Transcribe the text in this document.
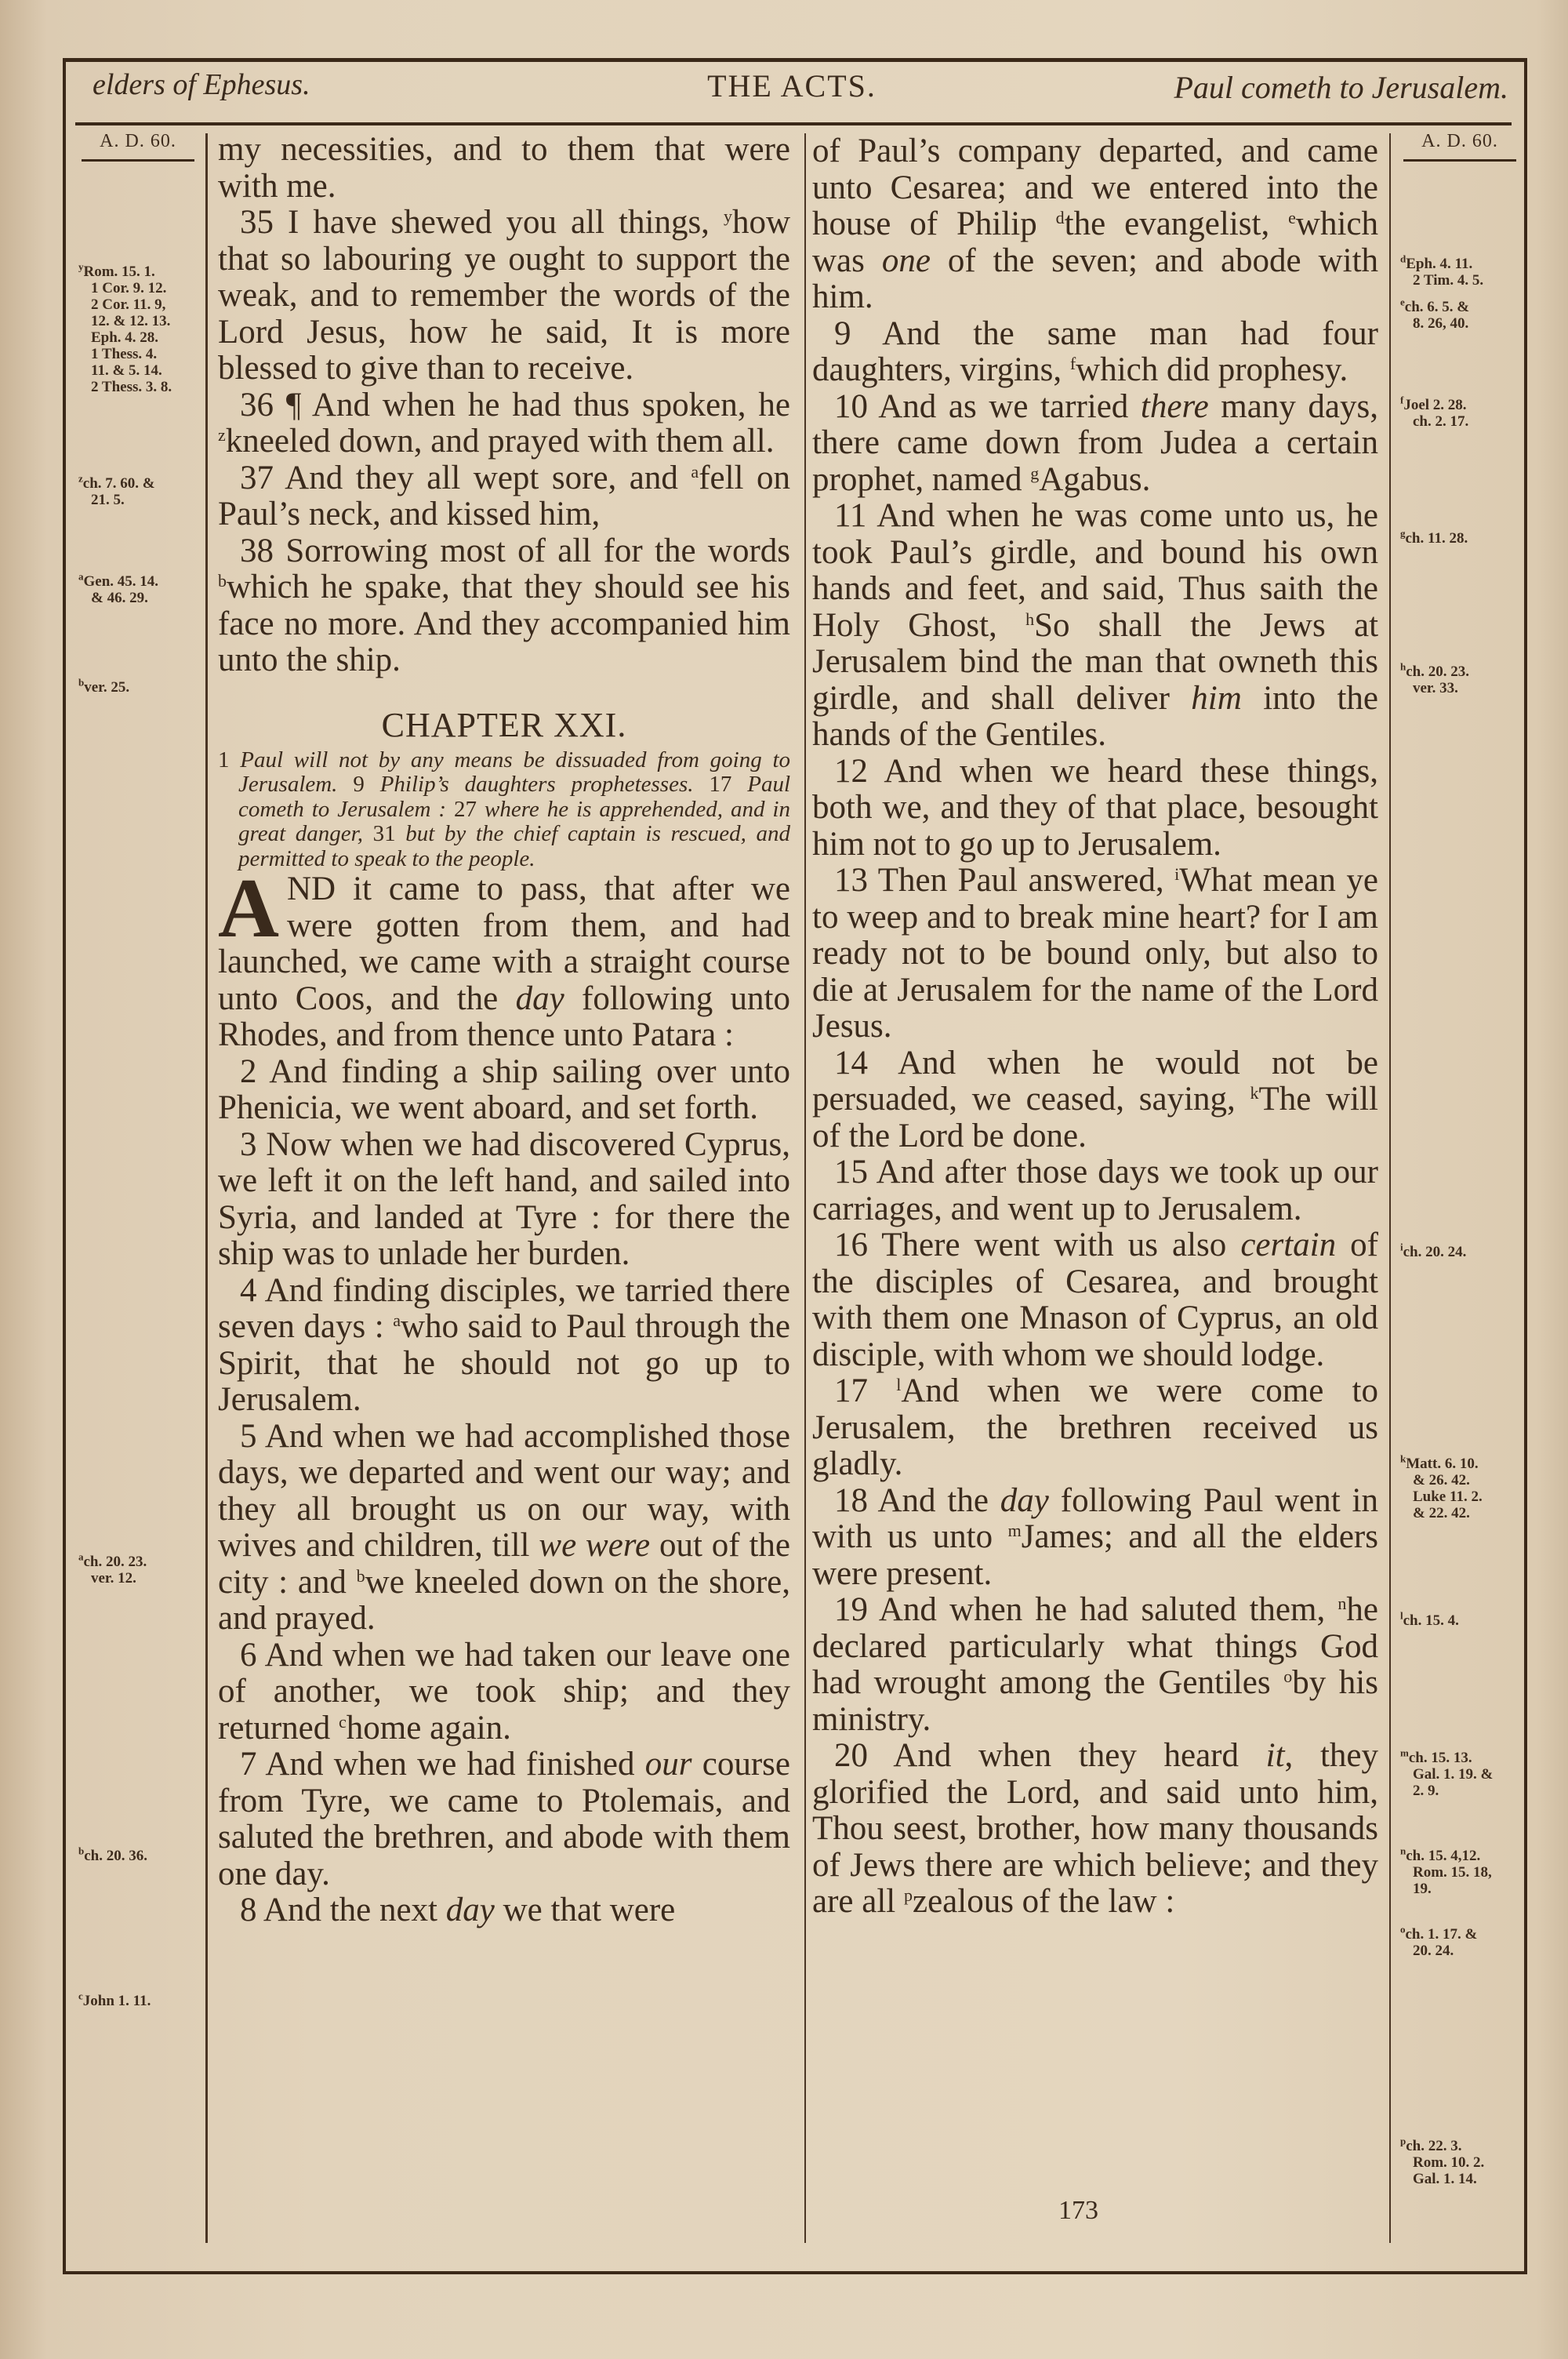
elders of Ephesus.	THE ACTS.	Paul cometh to Jerusalem.
A. D. 60.
$^y$Rom. 15. 1.
1 Cor. 9. 12.
2 Cor. 11. 9,
12. & 12. 13.
Eph. 4. 28.
1 Thess. 4.
11. & 5. 14.
2 Thess. 3. 8.
$^z$ch. 7. 60. &
21. 5.
$^a$Gen. 45. 14.
& 46. 29.
$^b$ver. 25.
$^a$ch. 20. 23.
ver. 12.
$^b$ch. 20. 36.
$^c$John 1. 11.
A. D. 60.
$^d$Eph. 4. 11.
2 Tim. 4. 5.
$^e$ch. 6. 5. &
8. 26, 40.
$^f$Joel 2. 28.
ch. 2. 17.
$^g$ch. 11. 28.
$^h$ch. 20. 23.
ver. 33.
$^i$ch. 20. 24.
$^k$Matt. 6. 10.
& 26. 42.
Luke 11. 2.
& 22. 42.
$^l$ch. 15. 4.
$^m$ch. 15. 13.
Gal. 1. 19. &
2. 9.
$^n$ch. 15. 4,12.
Rom. 15. 18,
19.
$^o$ch. 1. 17. &
20. 24.
$^p$ch. 22. 3.
Rom. 10. 2.
Gal. 1. 14.

my necessities, and to them that were with me.

35 I have shewed you all things, $^y$how that so labouring ye ought to support the weak, and to remember the words of the Lord Jesus, how he said, It is more blessed to give than to receive.

36 ¶ And when he had thus spoken, he $^z$kneeled down, and prayed with them all.

37 And they all wept sore, and $^a$fell on Paul’s neck, and kissed him,

38 Sorrowing most of all for the words $^b$which he spake, that they should see his face no more. And they accompanied him unto the ship.

CHAPTER XXI.
1 Paul will not by any means be dissuaded from going to Jerusalem. 9 Philip’s daughters prophetesses. 17 Paul cometh to Jerusalem : 27 where he is apprehended, and in great danger, 31 but by the chief captain is rescued, and permitted to speak to the people.

AND it came to pass, that after we were gotten from them, and had launched, we came with a straight course unto Coos, and the day following unto Rhodes, and from thence unto Patara :

2 And finding a ship sailing over unto Phenicia, we went aboard, and set forth.

3 Now when we had discovered Cyprus, we left it on the left hand, and sailed into Syria, and landed at Tyre : for there the ship was to unlade her burden.

4 And finding disciples, we tarried there seven days : $^a$who said to Paul through the Spirit, that he should not go up to Jerusalem.

5 And when we had accomplished those days, we departed and went our way; and they all brought us on our way, with wives and children, till we were out of the city : and $^b$we kneeled down on the shore, and prayed.

6 And when we had taken our leave one of another, we took ship; and they returned $^c$home again.

7 And when we had finished our course from Tyre, we came to Ptolemais, and saluted the brethren, and abode with them one day.

8 And the next day we that were

of Paul’s company departed, and came unto Cesarea; and we entered into the house of Philip $^d$the evangelist, $^e$which was one of the seven; and abode with him.

9 And the same man had four daughters, virgins, $^f$which did prophesy.

10 And as we tarried there many days, there came down from Judea a certain prophet, named $^g$Agabus.

11 And when he was come unto us, he took Paul’s girdle, and bound his own hands and feet, and said, Thus saith the Holy Ghost, $^h$So shall the Jews at Jerusalem bind the man that owneth this girdle, and shall deliver him into the hands of the Gentiles.

12 And when we heard these things, both we, and they of that place, besought him not to go up to Jerusalem.

13 Then Paul answered, $^i$What mean ye to weep and to break mine heart? for I am ready not to be bound only, but also to die at Jerusalem for the name of the Lord Jesus.

14 And when he would not be persuaded, we ceased, saying, $^k$The will of the Lord be done.

15 And after those days we took up our carriages, and went up to Jerusalem.

16 There went with us also certain of the disciples of Cesarea, and brought with them one Mnason of Cyprus, an old disciple, with whom we should lodge.

17 $^l$And when we were come to Jerusalem, the brethren received us gladly.

18 And the day following Paul went in with us unto $^m$James; and all the elders were present.

19 And when he had saluted them, $^n$he declared particularly what things God had wrought among the Gentiles $^o$by his ministry.

20 And when they heard it, they glorified the Lord, and said unto him, Thou seest, brother, how many thousands of Jews there are which believe; and they are all $^p$zealous of the law :

173
